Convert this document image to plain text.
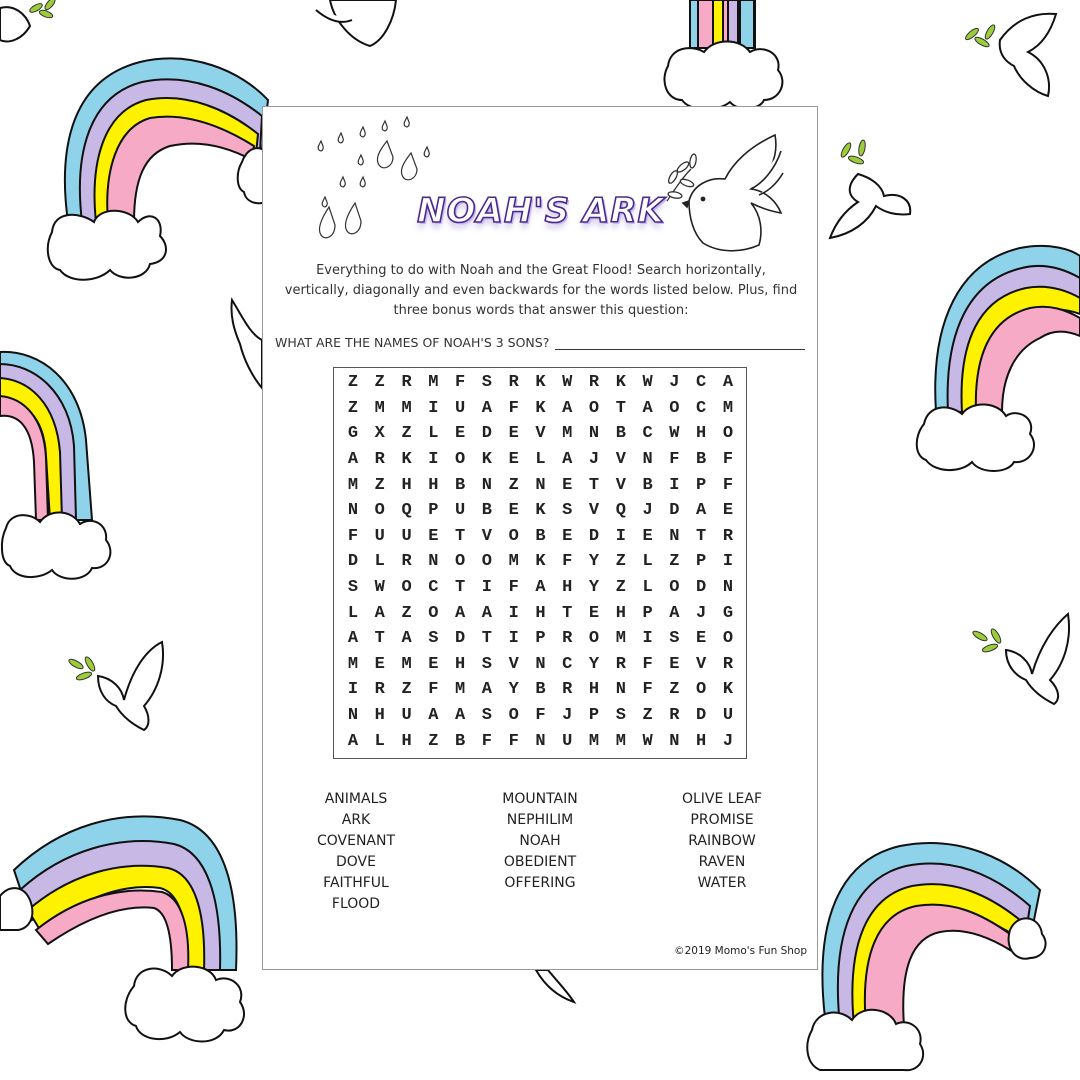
NOAH'S ARK
Everything to do with Noah and the Great Flood! Search horizontally, vertically, diagonally and even backwards for the words listed below. Plus, find three bonus words that answer this question:
WHAT ARE THE NAMES OF NOAH'S 3 SONS?
Z Z R M F S R K W R K W J C A
Z M M I U A F K A O T A O C M
G X Z L E D E V M N B C W H O
A R K I O K E L A J V N F B F
M Z H H B N Z N E T V B I P F
N O Q P U B E K S V Q J D A E
F U U E T V O B E D I E N T R
D L R N O O M K F Y Z L Z P I
S W O C T I F A H Y Z L O D N
L A Z O A A I H T E H P A J G
A T A S D T I P R O M I S E O
M E M E H S V N C Y R F E V R
I R Z F M A Y B R H N F Z O K
N H U A A S O F J P S Z R D U
A L H Z B F F N U M M W N H J
ANIMALS
ARK
COVENANT
DOVE
FAITHFUL
FLOOD
MOUNTAIN
NEPHILIM
NOAH
OBEDIENT
OFFERING
OLIVE LEAF
PROMISE
RAINBOW
RAVEN
WATER
©2019 Momo's Fun Shop
